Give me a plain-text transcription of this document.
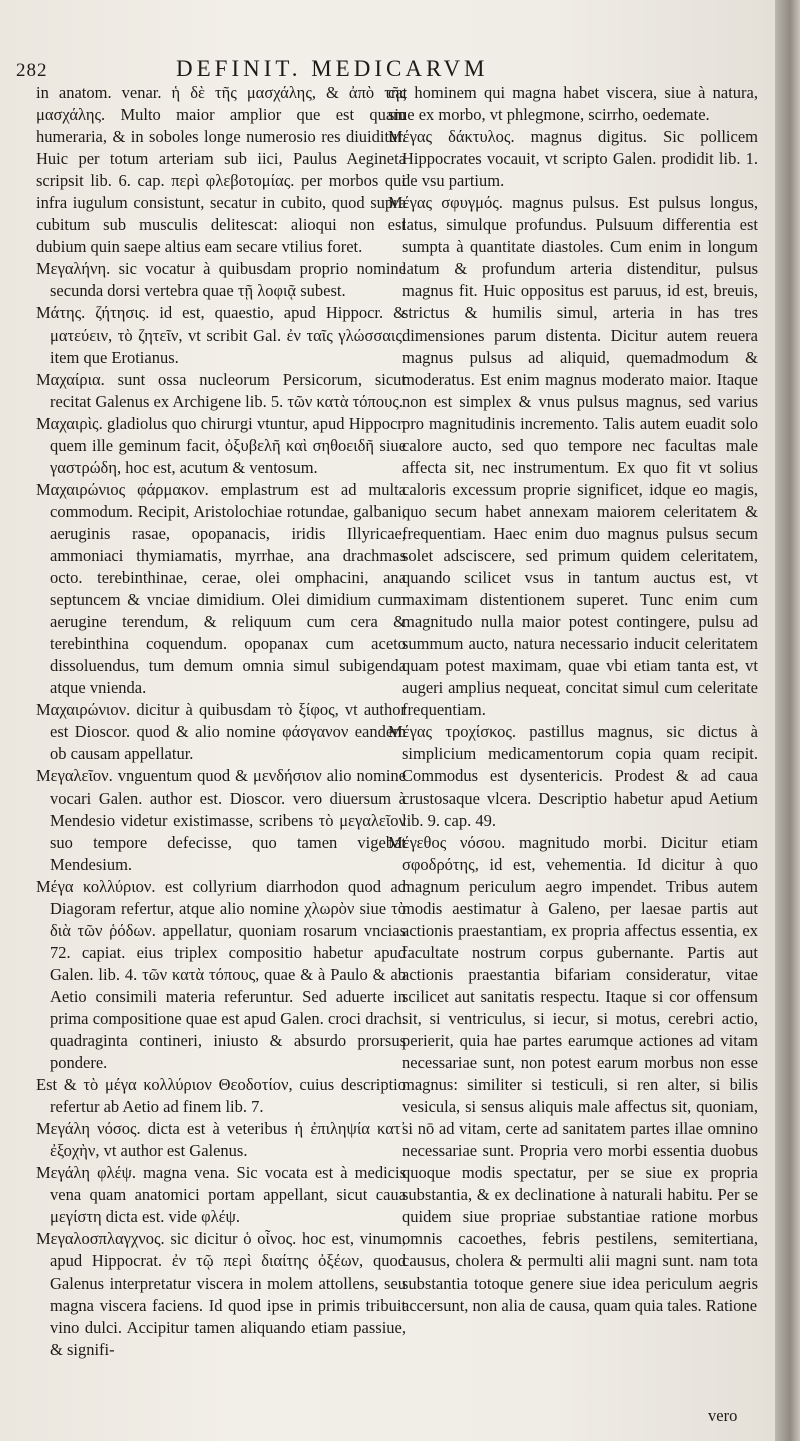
282	DEFINIT. MEDICARVM

in anatom. venar. ἡ δὲ τῆς μασχάλης, & ἀπὸ τῆς μασχάλης. Multo maior amplior que est quam humeraria, & in soboles longe numerosio res diuiditur. Huic per totum arteriam sub iici, Paulus Aegineta scripsit lib. 6. cap. περὶ φλεβοτομίας. per morbos qui infra iugulum consistunt, secatur in cubito, quod supra cubitum sub musculis delitescat: alioqui non est dubium quin saepe altius eam secare vtilius foret.

Μεγαλήνη. sic vocatur à quibusdam proprio nomine secunda dorsi vertebra quae τῇ λοφιᾷ subest.

Μάτης. ζήτησις. id est, quaestio, apud Hippocr. & ματεύειν, τὸ ζητεῖν, vt scribit Gal. ἐν ταῖς γλώσσαις. item que Erotianus.

Μαχαίρια. sunt ossa nucleorum Persicorum, sicut recitat Galenus ex Archigene lib. 5. τῶν κατὰ τόπους.

Μαχαιρὶς. gladiolus quo chirurgi vtuntur, apud Hippocr. quem ille geminum facit, ὀξυβελῆ καὶ σηθοειδῆ siue γαστρώδη, hoc est, acutum & ventosum.

Μαχαιρώνιος φάρμακον. emplastrum est ad multa commodum. Recipit, Aristolochiae rotundae, galbani, aeruginis rasae, opopanacis, iridis Illyricae, ammoniaci thymiamatis, myrrhae, ana drachmas octo. terebinthinae, cerae, olei omphacini, ana septuncem & vnciae dimidium. Olei dimidium cum aerugine terendum, & reliquum cum cera & terebinthina coquendum. opopanax cum aceto dissoluendus, tum demum omnia simul subigenda atque vnienda.

Μαχαιρώνιον. dicitur à quibusdam τὸ ξίφος, vt author est Dioscor. quod & alio nomine φάσγανον eandem ob causam appellatur.

Μεγαλεῖον. vnguentum quod & μενδήσιον alio nomine vocari Galen. author est. Dioscor. vero diuersum à Mendesio videtur existimasse, scribens τὸ μεγαλεῖον suo tempore defecisse, quo tamen vigebat Mendesium.

Μέγα κολλύριον. est collyrium diarrhodon quod ad Diagoram refertur, atque alio nomine χλωρὸν siue τὸ διὰ τῶν ῥόδων. appellatur, quoniam rosarum vncias 72. capiat. eius triplex compositio habetur apud Galen. lib. 4. τῶν κατὰ τόπους, quae & à Paulo & ab Aetio consimili materia referuntur. Sed aduerte in prima compositione quae est apud Galen. croci drach. quadraginta contineri, iniusto & absurdo prorsus pondere.

Est & τὸ μέγα κολλύριον Θεοδοτίον, cuius descriptio refertur ab Aetio ad finem lib. 7.

Μεγάλη νόσος. dicta est à veteribus ἡ ἐπιληψία κατ᾽ ἐξοχὴν, vt author est Galenus.

Μεγάλη φλέψ. magna vena. Sic vocata est à medicis vena quam anatomici portam appellant, sicut caua μεγίστη dicta est. vide φλέψ.

Μεγαλοσπλαγχνος. sic dicitur ὁ οἶνος. hoc est, vinum, apud Hippocrat. ἐν τῷ περὶ διαίτης ὀξέων, quod Galenus interpretatur viscera in molem attollens, seu magna viscera faciens. Id quod ipse in primis tribuit vino dulci. Accipitur tamen aliquando etiam passiue, & signifi-

cat hominem qui magna habet viscera, siue à natura, siue ex morbo, vt phlegmone, scirrho, oedemate.

Μέγας δάκτυλος. magnus digitus. Sic pollicem Hippocrates vocauit, vt scripto Galen. prodidit lib. 1. de vsu partium.

Μέγας σφυγμός. magnus pulsus. Est pulsus longus, latus, simulque profundus. Pulsuum differentia est sumpta à quantitate diastoles. Cum enim in longum latum & profundum arteria distenditur, pulsus magnus fit. Huic oppositus est paruus, id est, breuis, strictus & humilis simul, arteria in has tres dimensiones parum distenta. Dicitur autem reuera magnus pulsus ad aliquid, quemadmodum & moderatus. Est enim magnus moderato maior. Itaque non est simplex & vnus pulsus magnus, sed varius pro magnitudinis incremento. Talis autem euadit solo calore aucto, sed quo tempore nec facultas male affecta sit, nec instrumentum. Ex quo fit vt solius caloris excessum proprie significet, idque eo magis, quo secum habet annexam maiorem celeritatem & frequentiam. Haec enim duo magnus pulsus secum solet adsciscere, sed primum quidem celeritatem, quando scilicet vsus in tantum auctus est, vt maximam distentionem superet. Tunc enim cum magnitudo nulla maior potest contingere, pulsu ad summum aucto, natura necessario inducit celeritatem quam potest maximam, quae vbi etiam tanta est, vt augeri amplius nequeat, concitat simul cum celeritate frequentiam.

Μέγας τροχίσκος. pastillus magnus, sic dictus à simplicium medicamentorum copia quam recipit. Commodus est dysentericis. Prodest & ad caua crustosaque vlcera. Descriptio habetur apud Aetium lib. 9. cap. 49.

Μέγεθος νόσου. magnitudo morbi. Dicitur etiam σφοδρότης, id est, vehementia. Id dicitur à quo magnum periculum aegro impendet. Tribus autem modis aestimatur à Galeno, per laesae partis aut actionis praestantiam, ex propria affectus essentia, ex facultate nostrum corpus gubernante. Partis aut actionis praestantia bifariam consideratur, vitae scilicet aut sanitatis respectu. Itaque si cor offensum sit, si ventriculus, si iecur, si motus, cerebri actio, perierit, quia hae partes earumque actiones ad vitam necessariae sunt, non potest earum morbus non esse magnus: similiter si testiculi, si ren alter, si bilis vesicula, si sensus aliquis male affectus sit, quoniam, si nō ad vitam, certe ad sanitatem partes illae omnino necessariae sunt. Propria vero morbi essentia duobus quoque modis spectatur, per se siue ex propria substantia, & ex declinatione à naturali habitu. Per se quidem siue propriae substantiae ratione morbus omnis cacoethes, febris pestilens, semitertiana, causus, cholera & permulti alii magni sunt. nam tota substantia totoque genere siue idea periculum aegris accersunt, non alia de causa, quam quia tales. Ratione

vero
